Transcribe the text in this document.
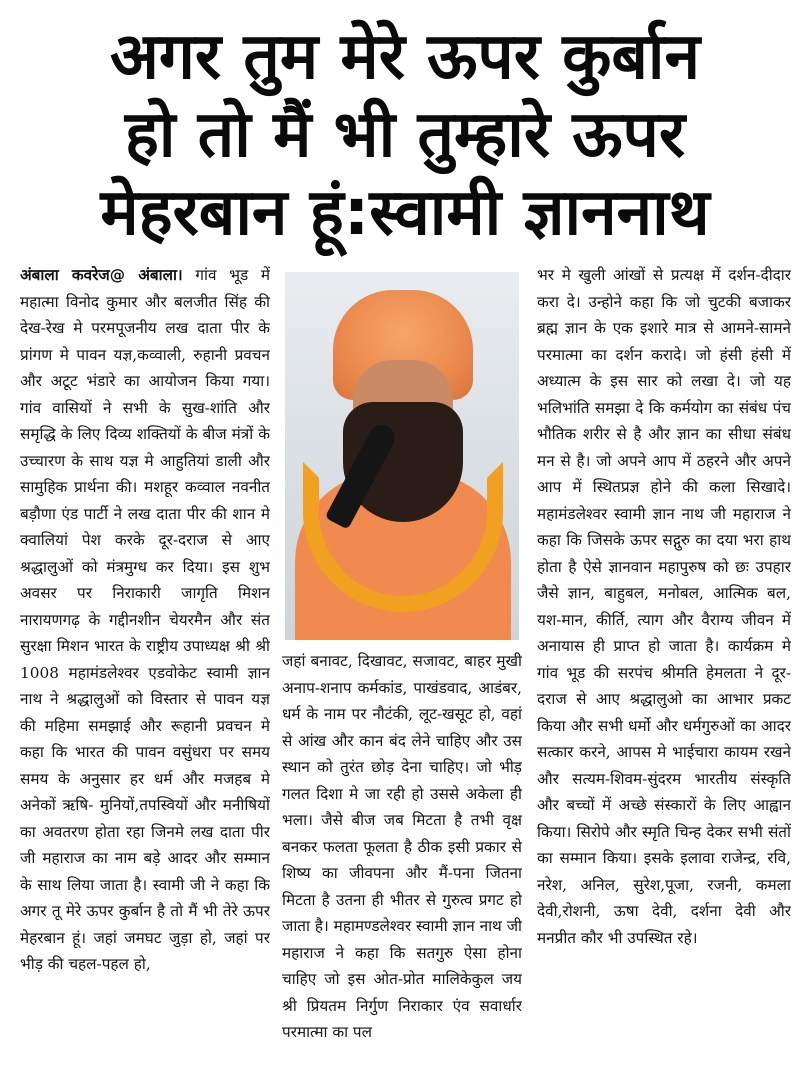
अगर तुम मेरे ऊपर कुर्बान
हो तो मैं भी तुम्हारे ऊपर
मेहरबान हूं:स्वामी ज्ञाननाथ
अंबाला कवरेज@ अंबाला। गांव भूड में महात्मा विनोद कुमार और बलजीत सिंह की देख-रेख मे परमपूजनीय लख दाता पीर के प्रांगण मे पावन यज्ञ,कव्वाली, रुहानी प्रवचन और अटूट भंडारे का आयोजन किया गया। गांव वासियों ने सभी के सुख-शांति और समृद्धि के लिए दिव्य शक्तियों के बीज मंत्रों के उच्चारण के साथ यज्ञ मे आहुतियां डाली और सामुहिक प्रार्थना की। मशहूर कव्वाल नवनीत बड़ौणा एंड पार्टी ने लख दाता पीर की शान मे क्वालियां पेश करके दूर-दराज से आए श्रद्धालुओं को मंत्रमुग्ध कर दिया। इस शुभ अवसर पर निराकारी जागृति मिशन नारायणगढ़ के गद्दीनशीन चेयरमैन और संत सुरक्षा मिशन भारत के राष्ट्रीय उपाध्यक्ष श्री श्री 1008 महामंडलेश्वर एडवोकेट स्वामी ज्ञान नाथ ने श्रद्धालुओं को विस्तार से पावन यज्ञ की महिमा समझाई और रूहानी प्रवचन मे कहा कि भारत की पावन वसुंधरा पर समय समय के अनुसार हर धर्म और मजहब मे अनेकों ऋषि- मुनियों,तपस्वियों और मनीषियों का अवतरण होता रहा जिनमे लख दाता पीर जी महाराज का नाम बड़े आदर और सम्मान के साथ लिया जाता है। स्वामी जी ने कहा कि अगर तू मेरे ऊपर कुर्बान है तो मैं भी तेरे ऊपर मेहरबान हूं। जहां जमघट जुड़ा हो, जहां पर भीड़ की चहल-पहल हो,
जहां बनावट, दिखावट, सजावट, बाहर मुखी अनाप-शनाप कर्मकांड, पाखंडवाद, आडंबर, धर्म के नाम पर नौटंकी, लूट-खसूट हो, वहां से आंख और कान बंद लेने चाहिए और उस स्थान को तुरंत छोड़ देना चाहिए। जो भीड़ गलत दिशा मे जा रही हो उससे अकेला ही भला। जैसे बीज जब मिटता है तभी वृक्ष बनकर फलता फूलता है ठीक इसी प्रकार से शिष्य का जीवपना और मैं-पना जितना मिटता है उतना ही भीतर से गुरुत्व प्रगट हो जाता है। महामण्डलेश्वर स्वामी ज्ञान नाथ जी महाराज ने कहा कि सतगुरु ऐसा होना चाहिए जो इस ओत-प्रोत मालिकेकुल जय श्री प्रियतम निर्गुण निराकार एंव सवार्धार परमात्मा का पल
भर मे खुली आंखों से प्रत्यक्ष में दर्शन-दीदार करा दे। उन्होने कहा कि जो चुटकी बजाकर ब्रह्म ज्ञान के एक इशारे मात्र से आमने-सामने परमात्मा का दर्शन करादे। जो हंसी हंसी में अध्यात्म के इस सार को लखा दे। जो यह भलिभांति समझा दे कि कर्मयोग का संबंध पंच भौतिक शरीर से है और ज्ञान का सीधा संबंध मन से है। जो अपने आप में ठहरने और अपने आप में स्थितप्रज्ञ होने की कला सिखादे। महामंडलेश्वर स्वामी ज्ञान नाथ जी महाराज ने कहा कि जिसके ऊपर सद्गुरु का दया भरा हाथ होता है ऐसे ज्ञानवान महापुरुष को छः उपहार जैसे ज्ञान, बाहुबल, मनोबल, आत्मिक बल, यश-मान, कीर्ति, त्याग और वैराग्य जीवन में अनायास ही प्राप्त हो जाता है। कार्यक्रम मे गांव भूड की सरपंच श्रीमति हेमलता ने दूर-दराज से आए श्रद्धालुओ का आभार प्रकट किया और सभी धर्मो और धर्मगुरुओं का आदर सत्कार करने, आपस मे भाईचारा कायम रखने और सत्यम-शिवम-सुंदरम भारतीय संस्कृति और बच्चों में अच्छे संस्कारों के लिए आह्वान किया। सिरोपे और स्मृति चिन्ह देकर सभी संतों का सम्मान किया। इसके इलावा राजेन्द्र, रवि, नरेश, अनिल, सुरेश,पूजा, रजनी, कमला देवी,रोशनी, ऊषा देवी, दर्शना देवी और मनप्रीत कौर भी उपस्थित रहे।
